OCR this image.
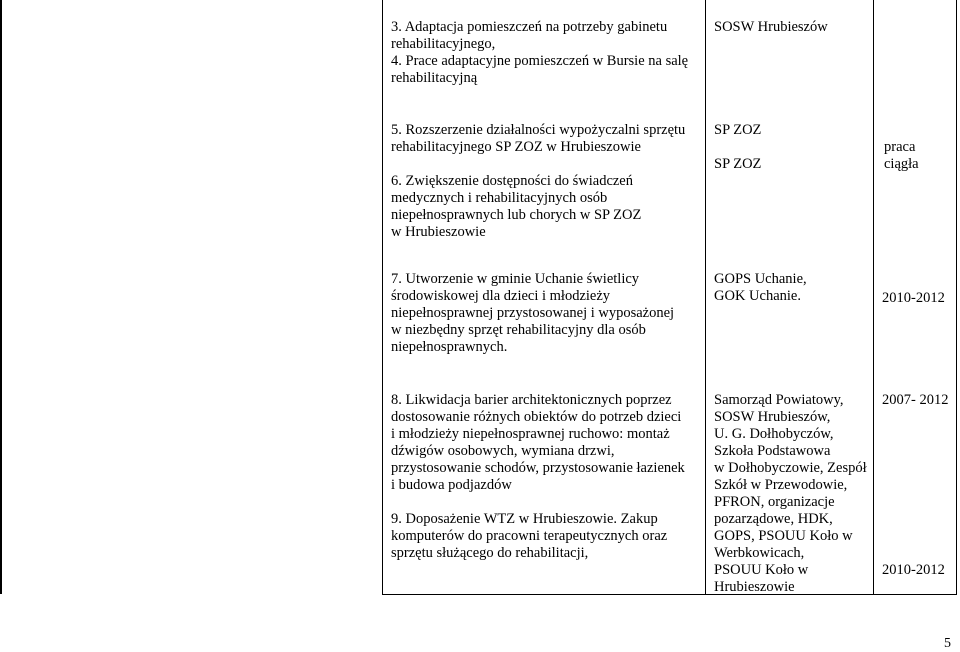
3. Adaptacja pomieszczeń na potrzeby gabinetu
rehabilitacyjnego,
4. Prace adaptacyjne pomieszczeń w Bursie na salę
rehabilitacyjną
SOSW Hrubieszów
5. Rozszerzenie działalności wypożyczalni sprzętu
rehabilitacyjnego SP ZOZ w Hrubieszowie

6. Zwiększenie dostępności do świadczeń
medycznych i rehabilitacyjnych osób
niepełnosprawnych lub chorych w SP ZOZ
w Hrubieszowie
SP ZOZ

SP ZOZ
praca
ciągła
7. Utworzenie w gminie Uchanie świetlicy
środowiskowej dla dzieci i młodzieży
niepełnosprawnej przystosowanej i wyposażonej
w niezbędny sprzęt rehabilitacyjny dla osób
niepełnosprawnych.
GOPS Uchanie,
GOK Uchanie.	2010-2012
8. Likwidacja barier architektonicznych poprzez
dostosowanie różnych obiektów do potrzeb dzieci
i młodzieży niepełnosprawnej ruchowo: montaż
dźwigów osobowych, wymiana drzwi,
przystosowanie schodów, przystosowanie łazienek
i budowa podjazdów

9. Doposażenie WTZ w Hrubieszowie. Zakup
komputerów do pracowni terapeutycznych oraz
sprzętu służącego do rehabilitacji,
Samorząd Powiatowy,
SOSW Hrubieszów,
U. G. Dołhobyczów,
Szkoła Podstawowa
w Dołhobyczowie, Zespół
Szkół w Przewodowie,
PFRON, organizacje
pozarządowe, HDK,
GOPS, PSOUU Koło w
Werbkowicach,
PSOUU Koło w
Hrubieszowie
2007- 2012
2010-2012
5
